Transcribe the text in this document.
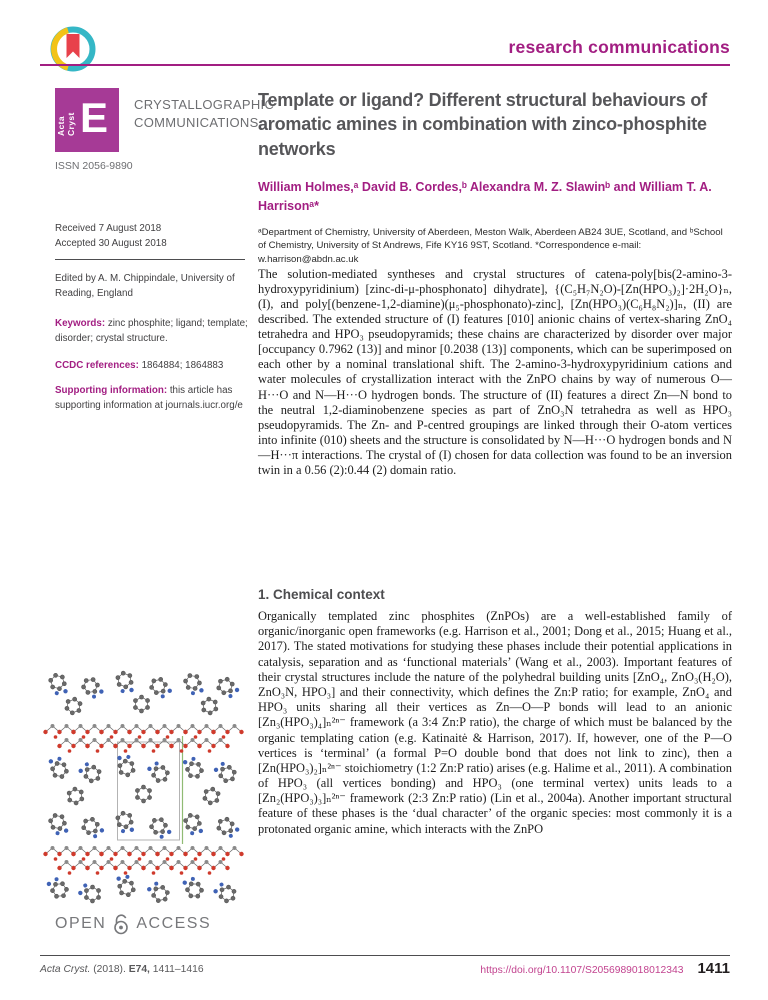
research communications
Acta Cryst E CRYSTALLOGRAPHIC
COMMUNICATIONS
ISSN 2056-9890
Received 7 August 2018
Accepted 30 August 2018
Edited by A. M. Chippindale, University of Reading, England
Keywords: zinc phosphite; ligand; template; disorder; crystal structure.
CCDC references: 1864884; 1864883
Supporting information: this article has supporting information at journals.iucr.org/e
OPEN ACCESS
Template or ligand? Different structural behaviours of aromatic amines in combination with zinco-phosphite networks
William Holmes,ᵃ David B. Cordes,ᵇ Alexandra M. Z. Slawinᵇ and William T. A. Harrisonᵃ*
ᵃDepartment of Chemistry, University of Aberdeen, Meston Walk, Aberdeen AB24 3UE, Scotland, and ᵇSchool of Chemistry, University of St Andrews, Fife KY16 9ST, Scotland. *Correspondence e-mail: w.harrison@abdn.ac.uk

The solution-mediated syntheses and crystal structures of catena-poly[bis(2-amino-3-hydroxypyridinium) [zinc-di-μ-phosphonato] dihydrate], {(C₅H₇N₂O)-[Zn(HPO₃)₂]·2H₂O}ₙ, (I), and poly[(benzene-1,2-diamine)(μ₅-phosphonato)-zinc], [Zn(HPO₃)(C₆H₈N₂)]ₙ, (II) are described. The extended structure of (I) features [010] anionic chains of vertex-sharing ZnO₄ tetrahedra and HPO₃ pseudopyramids; these chains are characterized by disorder over major [occupancy 0.7962 (13)] and minor [0.2038 (13)] components, which can be superimposed on each other by a nominal translational shift. The 2-amino-3-hydroxypyridinium cations and water molecules of crystallization interact with the ZnPO chains by way of numerous O—H···O and N—H···O hydrogen bonds. The structure of (II) features a direct Zn—N bond to the neutral 1,2-diaminobenzene species as part of ZnO₃N tetrahedra as well as HPO₃ pseudopyramids. The Zn- and P-centred groupings are linked through their O-atom vertices into infinite (010) sheets and the structure is consolidated by N—H···O hydrogen bonds and N—H···π interactions. The crystal of (I) chosen for data collection was found to be an inversion twin in a 0.56 (2):0.44 (2) domain ratio.

1. Chemical context

Organically templated zinc phosphites (ZnPOs) are a well-established family of organic/inorganic open frameworks (e.g. Harrison et al., 2001; Dong et al., 2015; Huang et al., 2017). The stated motivations for studying these phases include their potential applications in catalysis, separation and as ‘functional materials’ (Wang et al., 2003). Important features of their crystal structures include the nature of the polyhedral building units [ZnO₄, ZnO₃(H₂O), ZnO₃N, HPO₃] and their connectivity, which defines the Zn:P ratio; for example, ZnO₄ and HPO₃ units sharing all their vertices as Zn—O—P bonds will lead to an anionic [Zn₃(HPO₃)₄]ₙ²ⁿ⁻ framework (a 3:4 Zn:P ratio), the charge of which must be balanced by the organic templating cation (e.g. Katinaitė & Harrison, 2017). If, however, one of the P—O vertices is ‘terminal’ (a formal P=O double bond that does not link to zinc), then a [Zn(HPO₃)₂]ₙ²ⁿ⁻ stoichiometry (1:2 Zn:P ratio) arises (e.g. Halime et al., 2011). A combination of HPO₃ (all vertices bonding) and HPO₃ (one terminal vertex) units leads to a [Zn₂(HPO₃)₃]ₙ²ⁿ⁻ framework (2:3 Zn:P ratio) (Lin et al., 2004a). Another important structural feature of these phases is the ‘dual character’ of the organic species: most commonly it is a protonated organic amine, which interacts with the ZnPO

Acta Cryst. (2018). E74, 1411–1416	https://doi.org/10.1107/S2056989018012343 1411
